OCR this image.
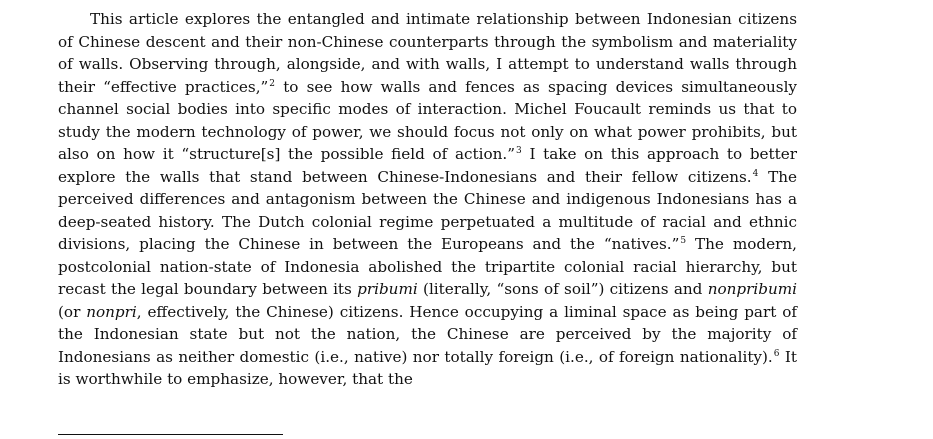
This article explores the entangled and intimate relationship between Indonesian citizens of Chinese descent and their non-Chinese counterparts through the symbolism and materiality of walls. Observing through, alongside, and with walls, I attempt to understand walls through their “effective practices,”$^2$ to see how walls and fences as spacing devices simultaneously channel social bodies into specific modes of interaction. Michel Foucault reminds us that to study the modern technology of power, we should focus not only on what power prohibits, but also on how it “structure[s] the possible field of action.”$^3$ I take on this approach to better explore the walls that stand between Chinese-Indonesians and their fellow citizens.$^4$ The perceived differences and antagonism between the Chinese and indigenous Indonesians has a deep-seated history. The Dutch colonial regime perpetuated a multitude of racial and ethnic divisions, placing the Chinese in between the Europeans and the “natives.”$^5$ The modern, postcolonial nation-state of Indonesia abolished the tripartite colonial racial hierarchy, but recast the legal boundary between its pribumi (literally, “sons of soil”) citizens and nonpribumi (or nonpri, effectively, the Chinese) citizens. Hence occupying a liminal space as being part of the Indonesian state but not the nation, the Chinese are perceived by the majority of Indonesians as neither domestic (i.e., native) nor totally foreign (i.e., of foreign nationality).$^6$ It is worthwhile to emphasize, however, that the
